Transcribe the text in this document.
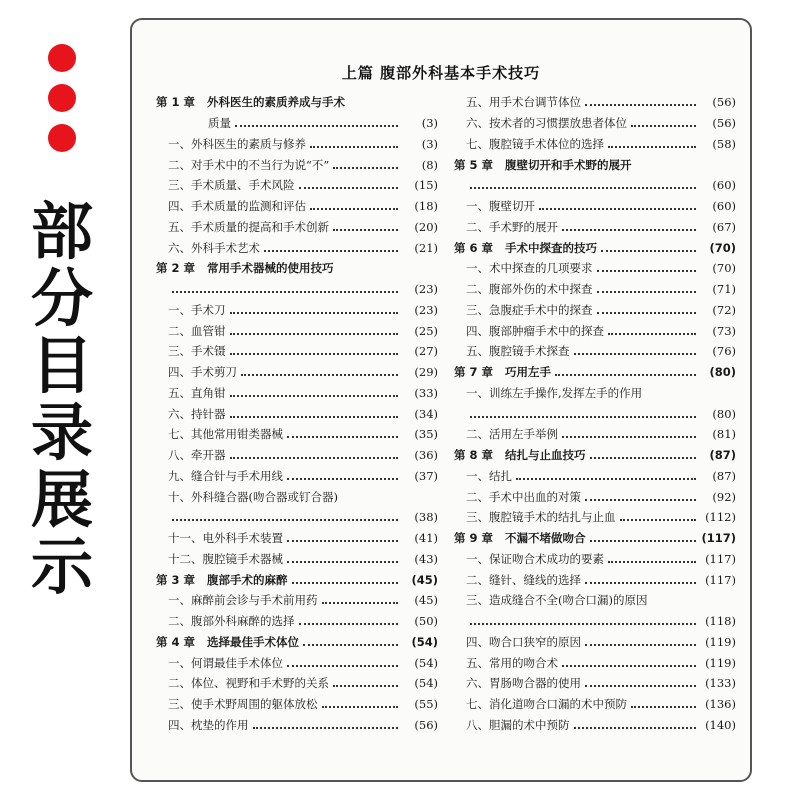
部
分
目
录
展
示
上篇 腹部外科基本手术技巧
第 1 章 外科医生的素质养成与手术
质量	(3)
一、外科医生的素质与修养	(3)
二、对手术中的不当行为说“不”	(8)
三、手术质量、手术风险	(15)
四、手术质量的监测和评估	(18)
五、手术质量的提高和手术创新	(20)
六、外科手术艺术	(21)
第 2 章 常用手术器械的使用技巧
(23)
一、手术刀	(23)
二、血管钳	(25)
三、手术镊	(27)
四、手术剪刀	(29)
五、直角钳	(33)
六、持针器	(34)
七、其他常用钳类器械	(35)
八、牵开器	(36)
九、缝合针与手术用线	(37)
十、外科缝合器(吻合器或钉合器)
(38)
十一、电外科手术装置	(41)
十二、腹腔镜手术器械	(43)
第 3 章 腹部手术的麻醉	(45)
一、麻醉前会诊与手术前用药	(45)
二、腹部外科麻醉的选择	(50)
第 4 章 选择最佳手术体位	(54)
一、何谓最佳手术体位	(54)
二、体位、视野和手术野的关系	(54)
三、使手术野周围的躯体放松	(55)
四、枕垫的作用	(56)
五、用手术台调节体位	(56)
六、按术者的习惯摆放患者体位	(56)
七、腹腔镜手术体位的选择	(58)
第 5 章 腹壁切开和手术野的展开
(60)
一、腹壁切开	(60)
二、手术野的展开	(67)
第 6 章 手术中探查的技巧	(70)
一、术中探查的几项要求	(70)
二、腹部外伤的术中探查	(71)
三、急腹症手术中的探查	(72)
四、腹部肿瘤手术中的探查	(73)
五、腹腔镜手术探查	(76)
第 7 章 巧用左手	(80)
一、训练左手操作,发挥左手的作用
(80)
二、活用左手举例	(81)
第 8 章 结扎与止血技巧	(87)
一、结扎	(87)
二、手术中出血的对策	(92)
三、腹腔镜手术的结扎与止血	(112)
第 9 章 不漏不堵做吻合	(117)
一、保证吻合术成功的要素	(117)
二、缝针、缝线的选择	(117)
三、造成缝合不全(吻合口漏)的原因
(118)
四、吻合口狭窄的原因	(119)
五、常用的吻合术	(119)
六、胃肠吻合器的使用	(133)
七、消化道吻合口漏的术中预防	(136)
八、胆漏的术中预防	(140)
